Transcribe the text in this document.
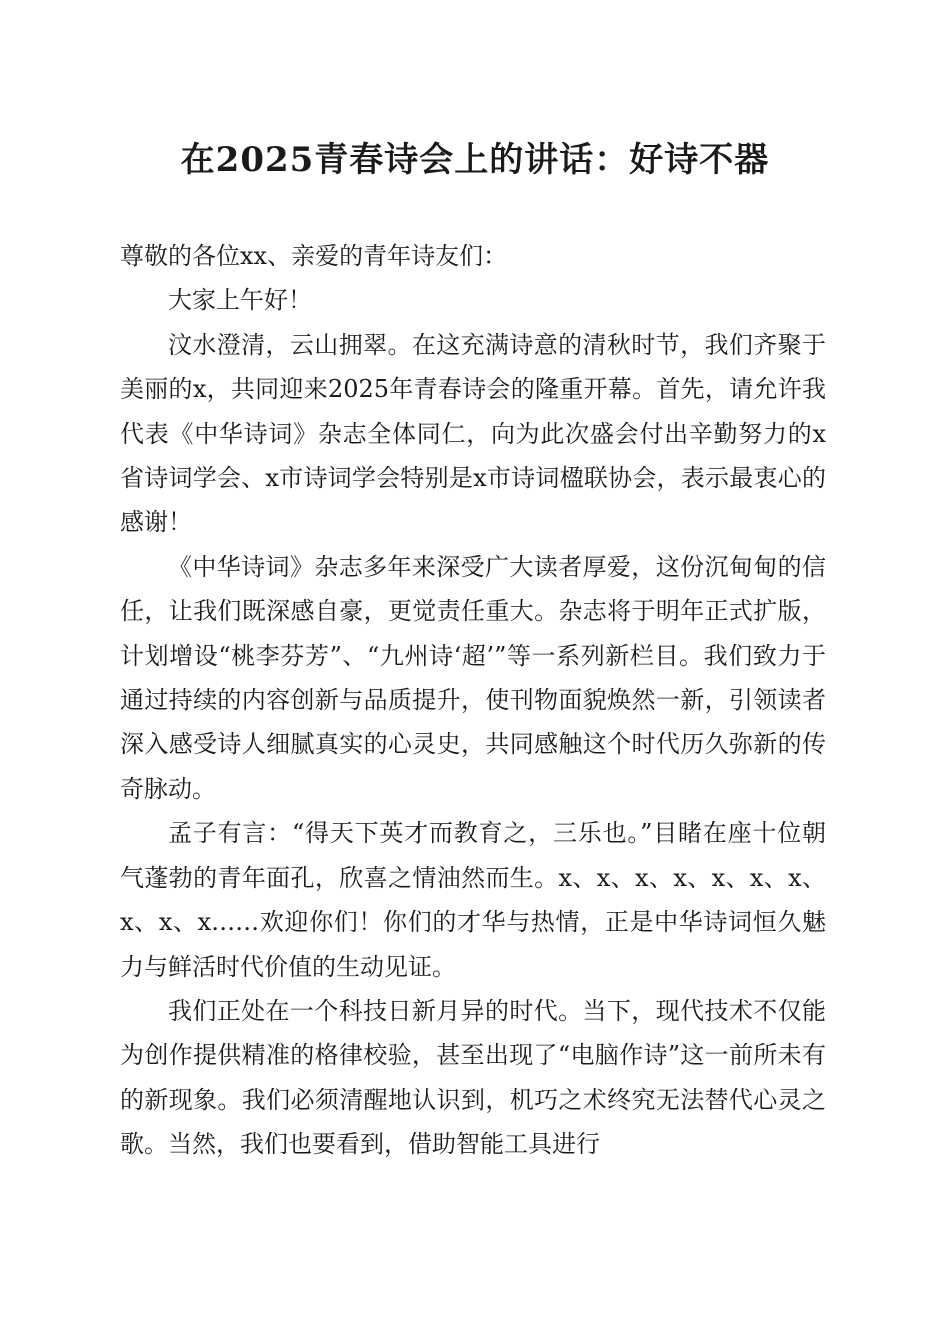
在2025青春诗会上的讲话：好诗不器

尊敬的各位xx、亲爱的青年诗友们：

大家上午好！

汶水澄清，云山拥翠。在这充满诗意的清秋时节，我们齐聚于美丽的x，共同迎来2025年青春诗会的隆重开幕。首先，请允许我代表《中华诗词》杂志全体同仁，向为此次盛会付出辛勤努力的x省诗词学会、x市诗词学会特别是x市诗词楹联协会，表示最衷心的感谢！

《中华诗词》杂志多年来深受广大读者厚爱，这份沉甸甸的信任，让我们既深感自豪，更觉责任重大。杂志将于明年正式扩版，计划增设“桃李芬芳”、“九州诗‘超’”等一系列新栏目。我们致力于通过持续的内容创新与品质提升，使刊物面貌焕然一新，引领读者深入感受诗人细腻真实的心灵史，共同感触这个时代历久弥新的传奇脉动。

孟子有言：“得天下英才而教育之，三乐也。”目睹在座十位朝气蓬勃的青年面孔，欣喜之情油然而生。x、x、x、x、x、x、x、x、x、x……欢迎你们！你们的才华与热情，正是中华诗词恒久魅力与鲜活时代价值的生动见证。

我们正处在一个科技日新月异的时代。当下，现代技术不仅能为创作提供精准的格律校验，甚至出现了“电脑作诗”这一前所未有的新现象。我们必须清醒地认识到，机巧之术终究无法替代心灵之歌。当然，我们也要看到，借助智能工具进行
